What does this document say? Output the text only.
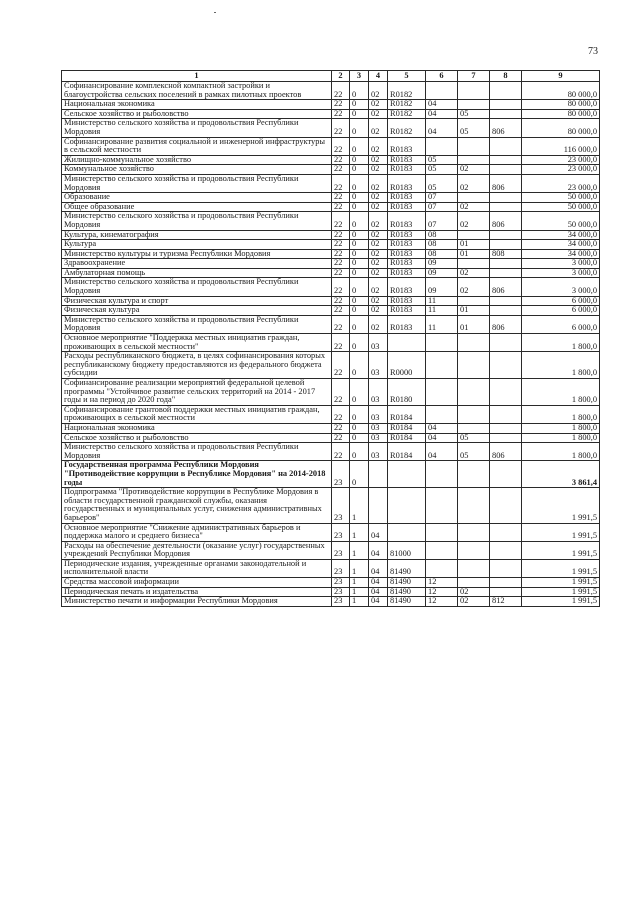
73
1	2	3	4	5	6	7	8	9
Софинансирование комплексной компактной застройки и благоустройства сельских поселений в рамках пилотных проектов	22	0	02	R0182				80 000,0
Национальная экономика	22	0	02	R0182	04			80 000,0
Сельское хозяйство и рыболовство	22	0	02	R0182	04	05		80 000,0
Министерство сельского хозяйства и продовольствия Республики Мордовия	22	0	02	R0182	04	05	806	80 000,0
Софинансирование развития социальной и инженерной инфраструктуры в сельской местности	22	0	02	R0183				116 000,0
Жилищно-коммунальное хозяйство	22	0	02	R0183	05			23 000,0
Коммунальное хозяйство	22	0	02	R0183	05	02		23 000,0
Министерство сельского хозяйства и продовольствия Республики Мордовия	22	0	02	R0183	05	02	806	23 000,0
Образование	22	0	02	R0183	07			50 000,0
Общее образование	22	0	02	R0183	07	02		50 000,0
Министерство сельского хозяйства и продовольствия Республики Мордовия	22	0	02	R0183	07	02	806	50 000,0
Культура, кинематография	22	0	02	R0183	08			34 000,0
Культура	22	0	02	R0183	08	01		34 000,0
Министерство культуры и туризма Республики Мордовия	22	0	02	R0183	08	01	808	34 000,0
Здравоохранение	22	0	02	R0183	09			3 000,0
Амбулаторная помощь	22	0	02	R0183	09	02		3 000,0
Министерство сельского хозяйства и продовольствия Республики Мордовия	22	0	02	R0183	09	02	806	3 000,0
Физическая культура и спорт	22	0	02	R0183	11			6 000,0
Физическая культура	22	0	02	R0183	11	01		6 000,0
Министерство сельского хозяйства и продовольствия Республики Мордовия	22	0	02	R0183	11	01	806	6 000,0
Основное мероприятие "Поддержка местных инициатив граждан, проживающих в сельской местности"	22	0	03					1 800,0
Расходы республиканского бюджета, в целях софинансирования которых республиканскому бюджету предоставляются из федерального бюджета субсидии	22	0	03	R0000				1 800,0
Софинансирование реализации мероприятий федеральной целевой программы "Устойчивое развитие сельских территорий на 2014 - 2017 годы и на период до 2020 года"	22	0	03	R0180				1 800,0
Софинансирование грантовой поддержки местных инициатив граждан, проживающих в сельской местности	22	0	03	R0184				1 800,0
Национальная экономика	22	0	03	R0184	04			1 800,0
Сельское хозяйство и рыболовство	22	0	03	R0184	04	05		1 800,0
Министерство сельского хозяйства и продовольствия Республики Мордовия	22	0	03	R0184	04	05	806	1 800,0
Государственная программа Республики Мордовия "Противодействие коррупции в Республике Мордовия" на 2014-2018 годы	23	0						3 861,4
Подпрограмма "Противодействие коррупции в Республике Мордовия в области государственной гражданской службы, оказания государственных и муниципальных услуг, снижения административных барьеров"	23	1						1 991,5
Основное мероприятие "Снижение административных барьеров и поддержка малого и среднего бизнеса"	23	1	04					1 991,5
Расходы на обеспечение деятельности (оказание услуг) государственных учреждений Республики Мордовия	23	1	04	81000				1 991,5
Периодические издания, учрежденные органами законодательной и исполнительной власти	23	1	04	81490				1 991,5
Средства массовой информации	23	1	04	81490	12			1 991,5
Периодическая печать и издательства	23	1	04	81490	12	02		1 991,5
Министерство печати и информации Республики Мордовия	23	1	04	81490	12	02	812	1 991,5
